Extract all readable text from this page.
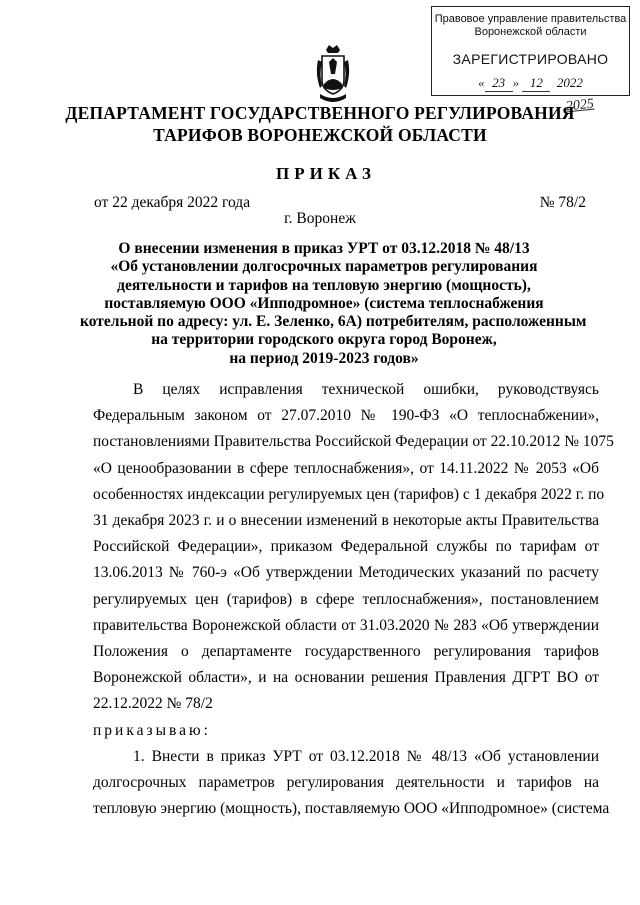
Правовое управление правительства
Воронежской области
ЗАРЕГИСТРИРОВАНО
« 23 » 12 2022
2025
ДЕПАРТАМЕНТ ГОСУДАРСТВЕННОГО РЕГУЛИРОВАНИЯ
ТАРИФОВ ВОРОНЕЖСКОЙ ОБЛАСТИ
ПРИКАЗ
от 22 декабря 2022 года	№ 78/2
г. Воронеж
О внесении изменения в приказ УРТ от 03.12.2018 № 48/13
«Об установлении долгосрочных параметров регулирования
деятельности и тарифов на тепловую энергию (мощность),
поставляемую ООО «Ипподромное» (система теплоснабжения
котельной по адресу: ул. Е. Зеленко, 6А) потребителям, расположенным
на территории городского округа город Воронеж,
на период 2019-2023 годов»
В целях исправления технической ошибки, руководствуясь
Федеральным законом от 27.07.2010 № 190-ФЗ «О теплоснабжении»,
постановлениями Правительства Российской Федерации от 22.10.2012 № 1075
«О ценообразовании в сфере теплоснабжения», от 14.11.2022 № 2053 «Об
особенностях индексации регулируемых цен (тарифов) с 1 декабря 2022 г. по
31 декабря 2023 г. и о внесении изменений в некоторые акты Правительства
Российской Федерации», приказом Федеральной службы по тарифам от
13.06.2013 № 760-э «Об утверждении Методических указаний по расчету
регулируемых цен (тарифов) в сфере теплоснабжения», постановлением
правительства Воронежской области от 31.03.2020 № 283 «Об утверждении
Положения о департаменте государственного регулирования тарифов
Воронежской области», и на основании решения Правления ДГРТ ВО от
22.12.2022 № 78/2
приказываю:
1. Внести в приказ УРТ от 03.12.2018 № 48/13 «Об установлении
долгосрочных параметров регулирования деятельности и тарифов на
тепловую энергию (мощность), поставляемую ООО «Ипподромное» (система
